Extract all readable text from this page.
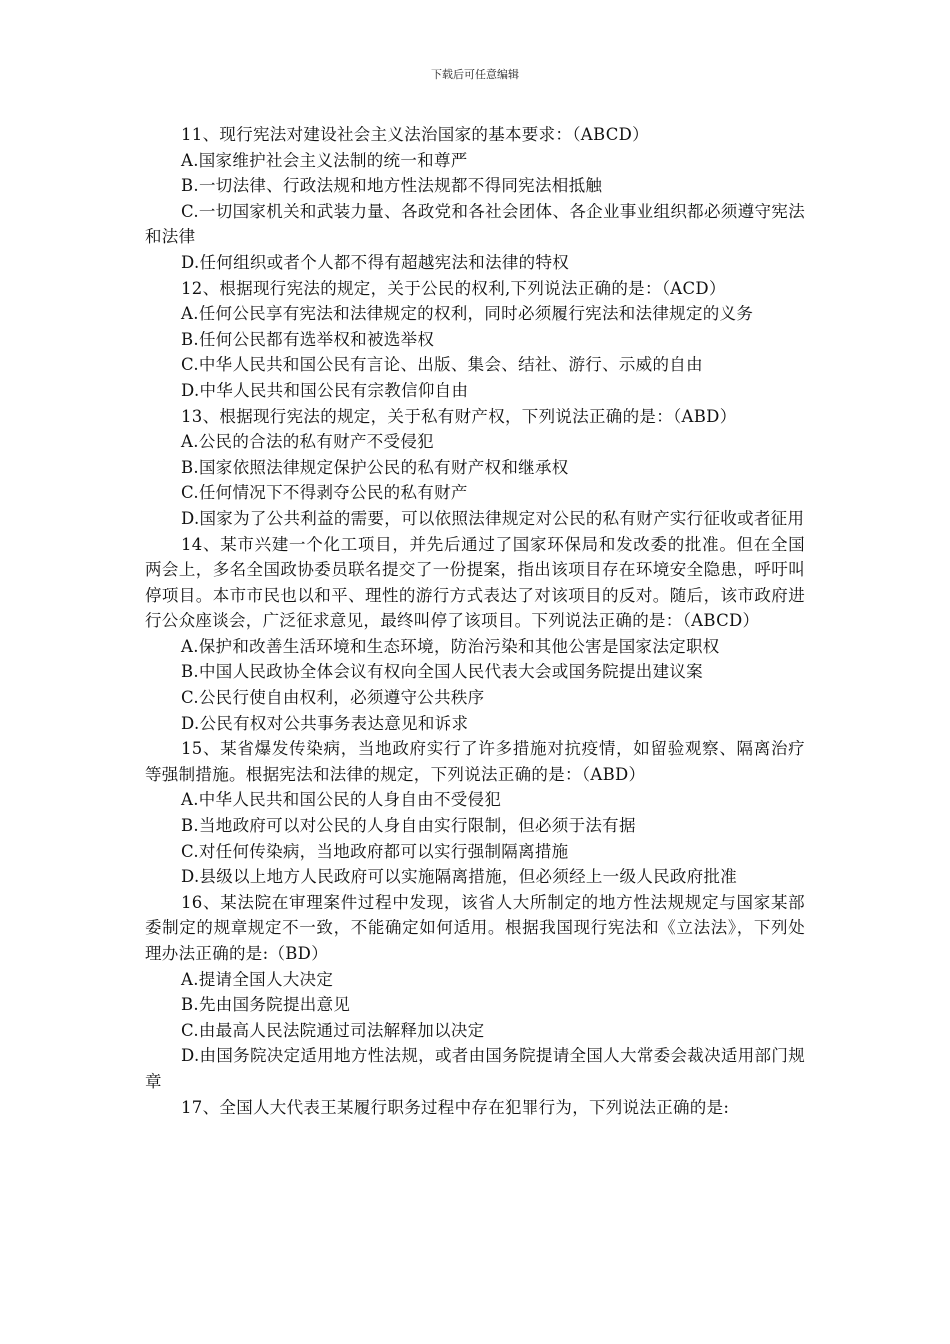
下载后可任意编辑
11、现行宪法对建设社会主义法治国家的基本要求：（ABCD）
A.国家维护社会主义法制的统一和尊严
B.一切法律、行政法规和地方性法规都不得同宪法相抵触
C.一切国家机关和武装力量、各政党和各社会团体、各企业事业组织都必须遵守宪法和法律
D.任何组织或者个人都不得有超越宪法和法律的特权
12、根据现行宪法的规定，关于公民的权利,下列说法正确的是：（ACD）
A.任何公民享有宪法和法律规定的权利，同时必须履行宪法和法律规定的义务
B.任何公民都有选举权和被选举权
C.中华人民共和国公民有言论、出版、集会、结社、游行、示威的自由
D.中华人民共和国公民有宗教信仰自由
13、根据现行宪法的规定，关于私有财产权，下列说法正确的是：（ABD）
A.公民的合法的私有财产不受侵犯
B.国家依照法律规定保护公民的私有财产权和继承权
C.任何情况下不得剥夺公民的私有财产
D.国家为了公共利益的需要，可以依照法律规定对公民的私有财产实行征收或者征用
14、某市兴建一个化工项目，并先后通过了国家环保局和发改委的批准。但在全国两会上，多名全国政协委员联名提交了一份提案，指出该项目存在环境安全隐患，呼吁叫停项目。本市市民也以和平、理性的游行方式表达了对该项目的反对。随后，该市政府进行公众座谈会，广泛征求意见，最终叫停了该项目。下列说法正确的是：（ABCD）
A.保护和改善生活环境和生态环境，防治污染和其他公害是国家法定职权
B.中国人民政协全体会议有权向全国人民代表大会或国务院提出建议案
C.公民行使自由权利，必须遵守公共秩序
D.公民有权对公共事务表达意见和诉求
15、某省爆发传染病，当地政府实行了许多措施对抗疫情，如留验观察、隔离治疗等强制措施。根据宪法和法律的规定，下列说法正确的是：（ABD）
A.中华人民共和国公民的人身自由不受侵犯
B.当地政府可以对公民的人身自由实行限制，但必须于法有据
C.对任何传染病，当地政府都可以实行强制隔离措施
D.县级以上地方人民政府可以实施隔离措施，但必须经上一级人民政府批准
16、某法院在审理案件过程中发现，该省人大所制定的地方性法规规定与国家某部委制定的规章规定不一致，不能确定如何适用。根据我国现行宪法和《立法法》，下列处理办法正确的是:（BD）
A.提请全国人大决定
B.先由国务院提出意见
C.由最高人民法院通过司法解释加以决定
D.由国务院决定适用地方性法规，或者由国务院提请全国人大常委会裁决适用部门规章
17、全国人大代表王某履行职务过程中存在犯罪行为，下列说法正确的是:
